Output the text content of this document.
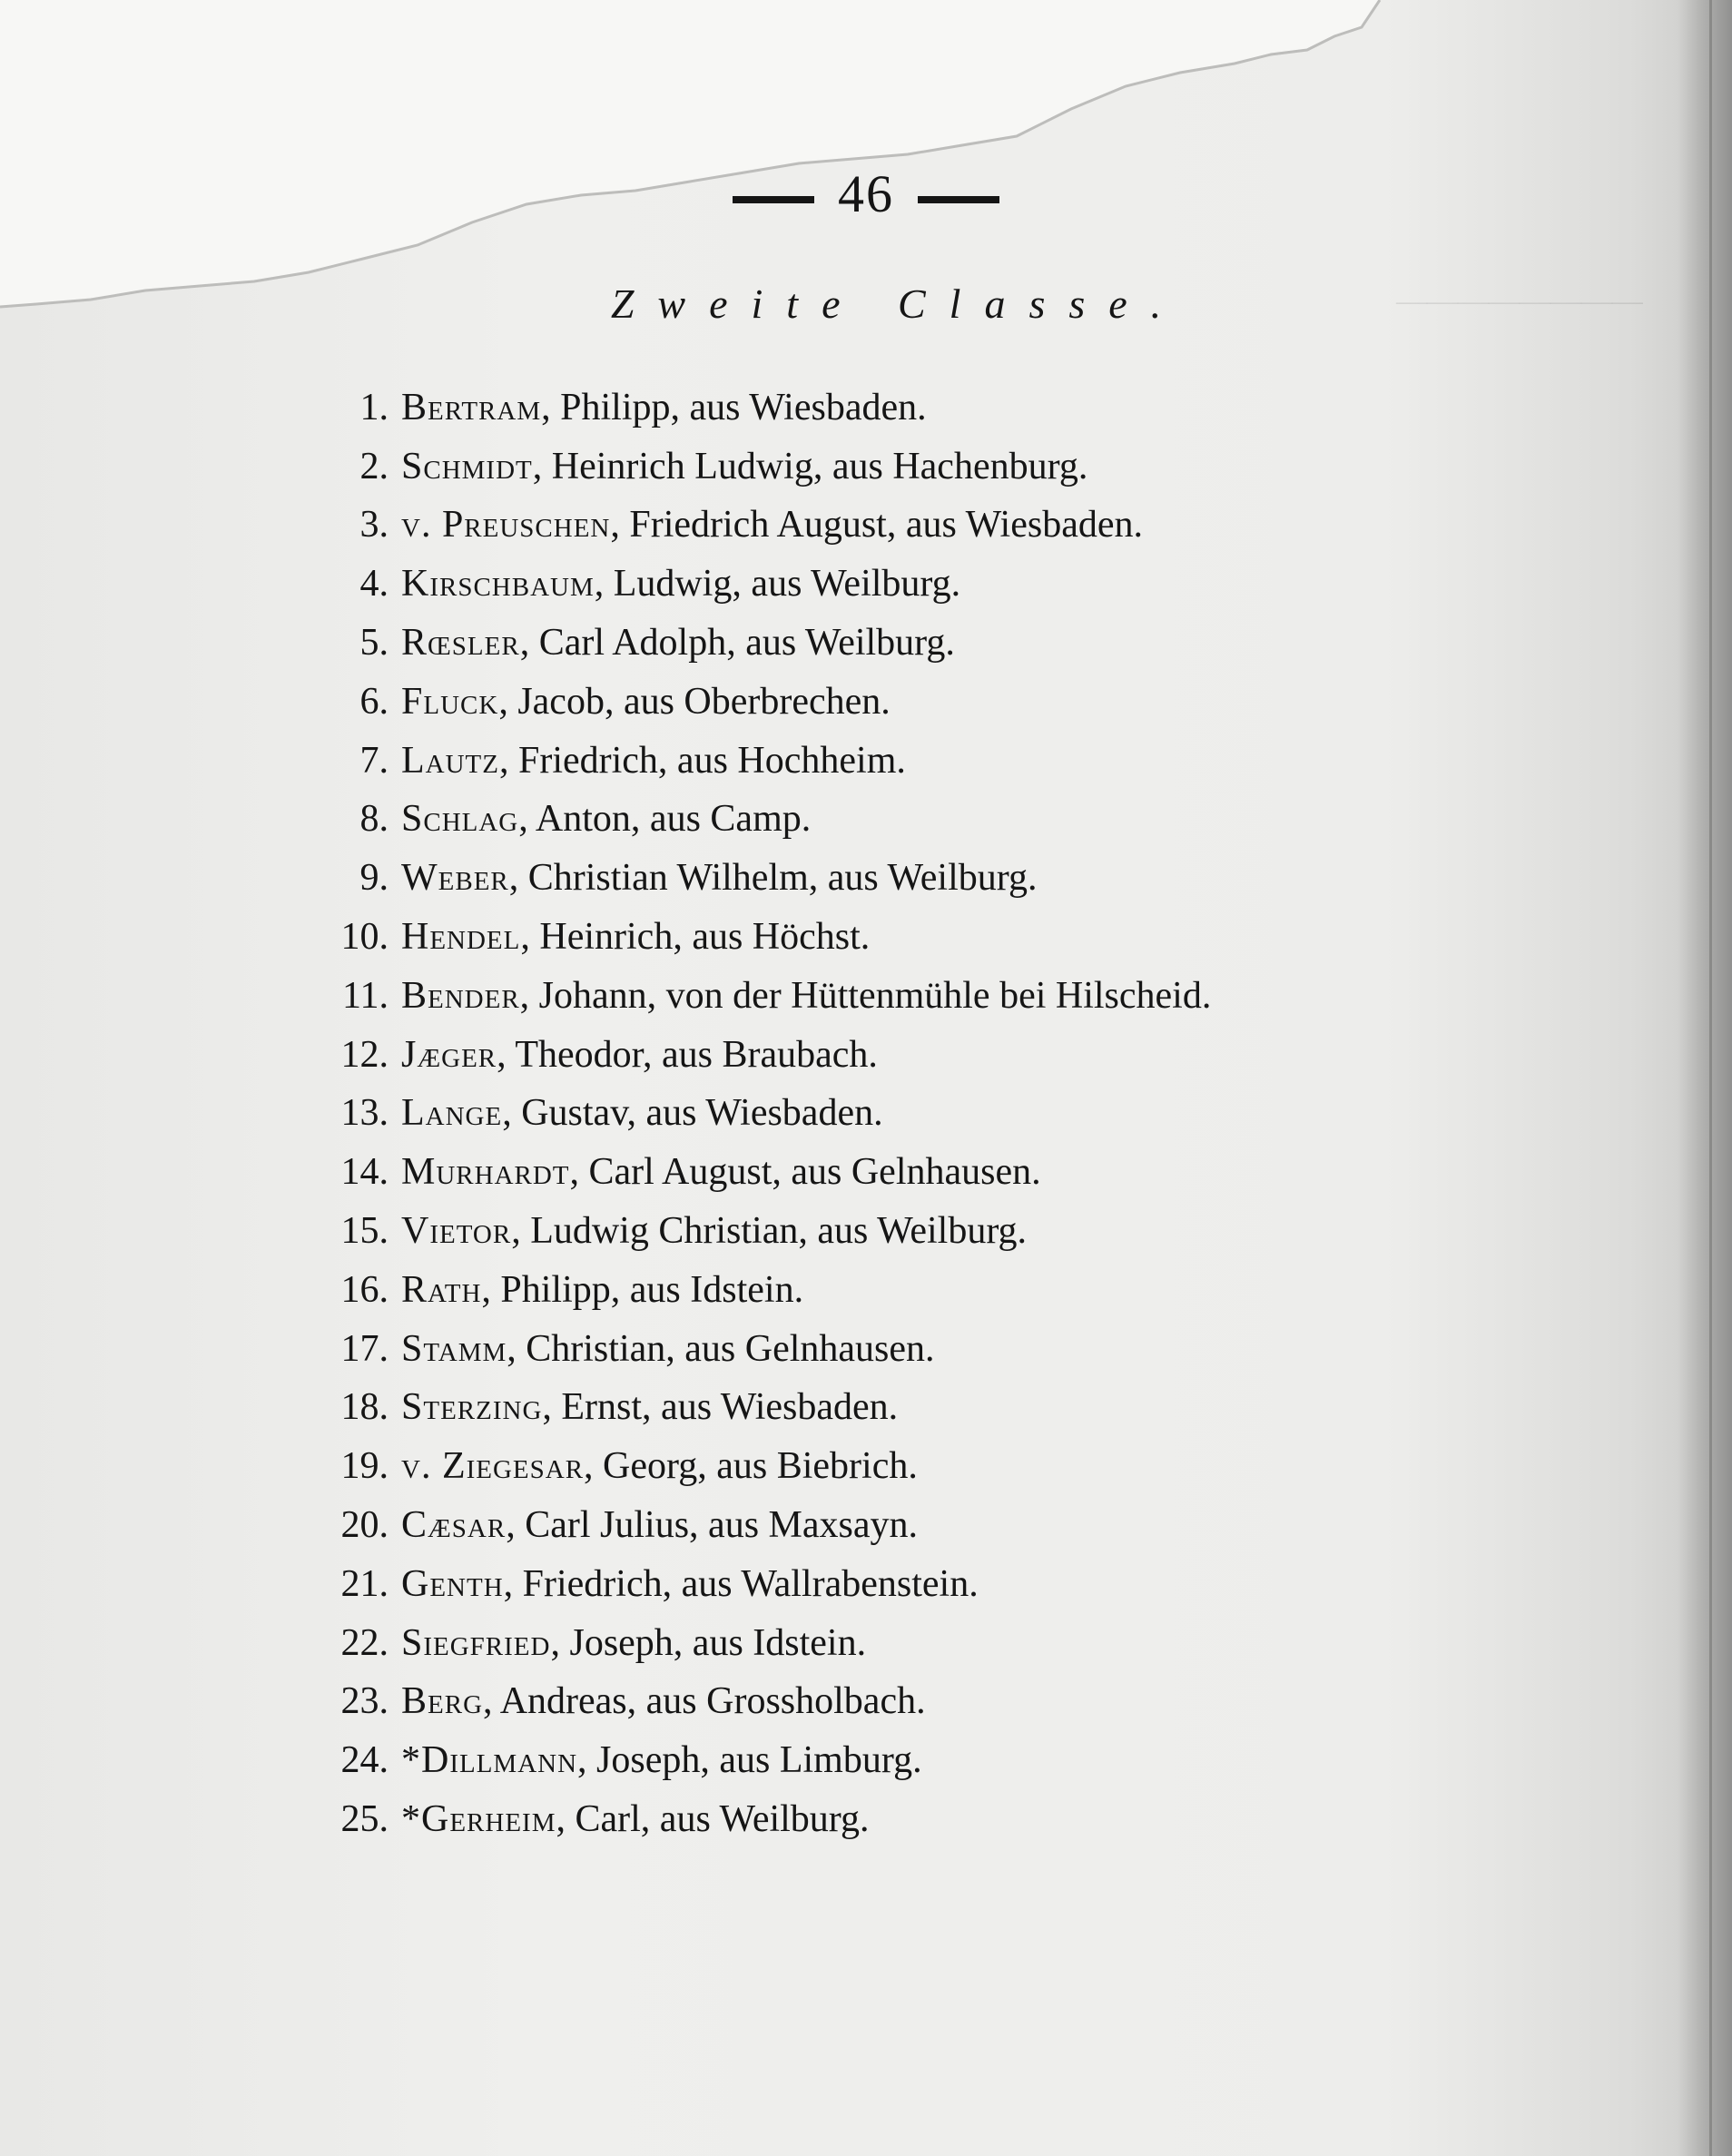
————————
46
Zweite Classe.
1. Bertram , Philipp, aus Wiesbaden.
2. Schmidt , Heinrich Ludwig, aus Hachenburg.
3. v. Preuschen , Friedrich August, aus Wiesbaden.
4. Kirschbaum , Ludwig, aus Weilburg.
5. Rœsler , Carl Adolph, aus Weilburg.
6. Fluck , Jacob, aus Oberbrechen.
7. Lautz , Friedrich, aus Hochheim.
8. Schlag , Anton, aus Camp.
9. Weber , Christian Wilhelm, aus Weilburg.
10. Hendel , Heinrich, aus Höchst.
11. Bender , Johann, von der Hüttenmühle bei Hilscheid.
12. Jæger , Theodor, aus Braubach.
13. Lange , Gustav, aus Wiesbaden.
14. Murhardt , Carl August, aus Gelnhausen.
15. Vietor , Ludwig Christian, aus Weilburg.
16. Rath , Philipp, aus Idstein.
17. Stamm , Christian, aus Gelnhausen.
18. Sterzing , Ernst, aus Wiesbaden.
19. v. Ziegesar , Georg, aus Biebrich.
20. Cæsar , Carl Julius, aus Maxsayn.
21. Genth , Friedrich, aus Wallrabenstein.
22. Siegfried , Joseph, aus Idstein.
23. Berg , Andreas, aus Grossholbach.
24. *Dillmann , Joseph, aus Limburg.
25. *Gerheim , Carl, aus Weilburg.
